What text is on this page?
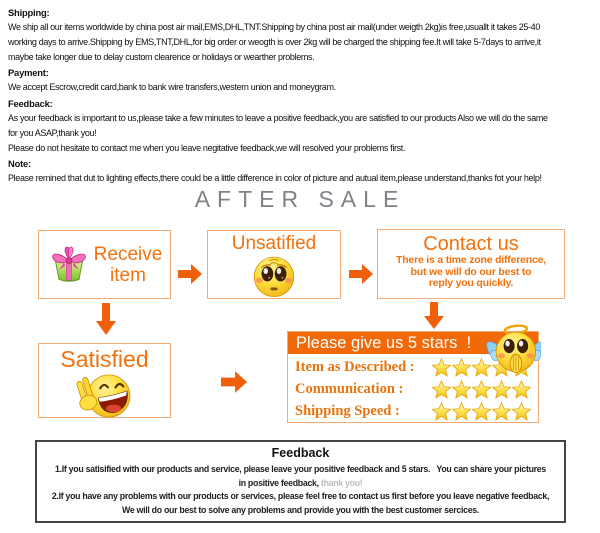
Shipping:
We ship all our items worldwide by china post air mail,EMS,DHL,TNT.Shipping by china post air mail(under weigth 2kg)is free,usuallt it takes 25-40
working days to arrive.Shipping by EMS,TNT,DHL,for big order or weogth is over 2kg will be charged the shipping fee.It will take 5-7days to arrive,it
maybe take longer due to delay custom clearence or holidays or wearther problems.
Payment:
We accept Escrow,credit card,bank to bank wire transfers,western union and moneygram.
Feedback:
As your feedback is important to us,please take a few minutes to leave a positive feedback,you are satisfied to our products Also we will do the same
for you ASAP,thank you!
Please do not hesitate to contact me when you leave negitative feedback,we will resolved your problems first.
Note:
Please remined that dut to lighting effects,there could be a little difference in color of picture and autual item,please understand,thanks fot your help!
AFTER SALE
Receive item
Unsatified	Contact us
There is a time zone difference,
but we will do our best to
reply you quickly.
Satisfied
Please give us 5 stars  !
Item as Described :
Communication :
Shipping Speed :
Feedback
1.If you satisified with our products and service, please leave your positive feedback and 5 stars.   You can share your pictures
in positive feedback, thank you!
2.If you have any problems with our products or services, please feel free to contact us first before you leave negative feedback,
We will do our best to solve any problems and provide you with the best customer sercices.
